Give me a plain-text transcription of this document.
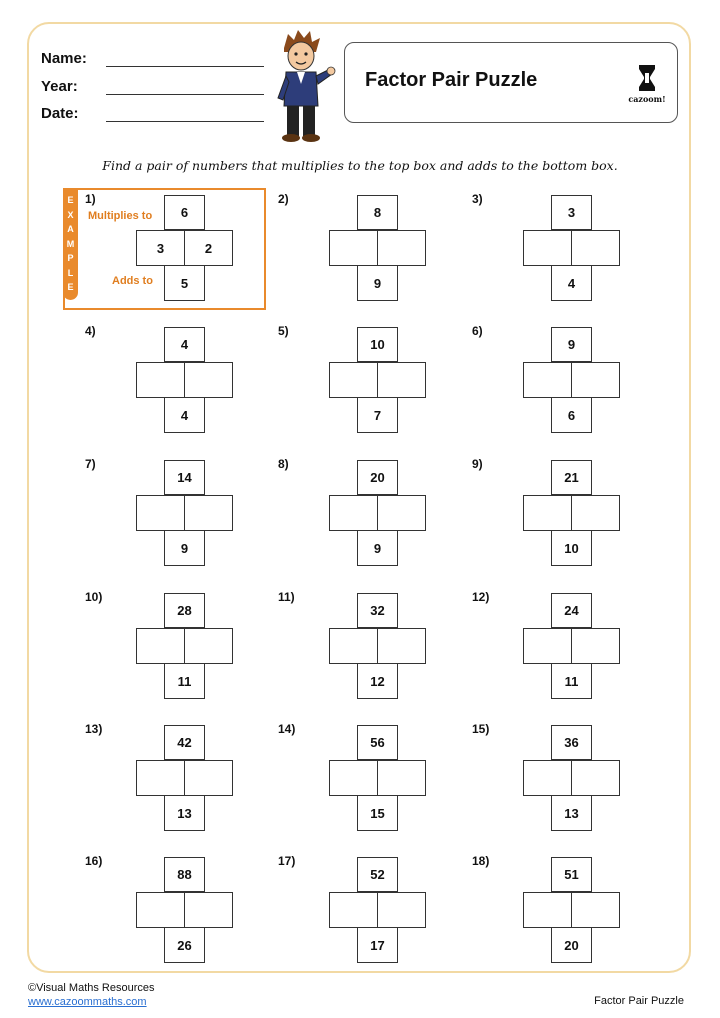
Name:
Year:
Date:
Factor Pair Puzzle
cazoom!
Find a pair of numbers that multiplies to the top box and adds to the bottom box.
E
X
A
M
P
L
E
Multiplies to
Adds to
1)
6
3	2
5
2)
8
9
3)
3
4
4)
4
4
5)
10
7
6)
9
6
7)
14
9
8)
20
9
9)
21
10
10)
28
11
11)
32
12
12)
24
11
13)
42
13
14)
56
15
15)
36
13
16)
88
26
17)
52
17
18)
51
20
©Visual Maths Resources
www.cazoommaths.com	Factor Pair Puzzle
